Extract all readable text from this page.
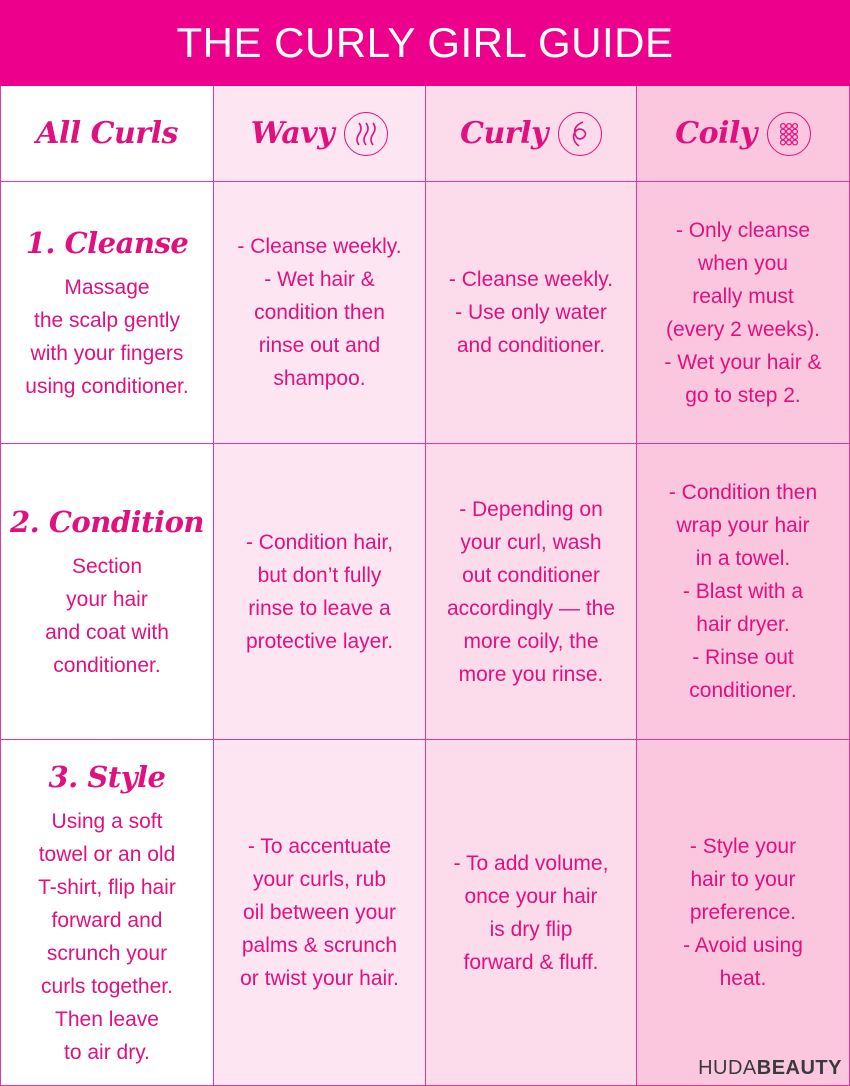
THE CURLY GIRL GUIDE
All Curls Wavy	Curly	Coily
1. Cleanse
Massage
the scalp gently
with your fingers
using conditioner.
- Cleanse weekly.
- Wet hair &
condition then
rinse out and
shampoo.
- Cleanse weekly.
- Use only water
and conditioner.
- Only cleanse
when you
really must
(every 2 weeks).
- Wet your hair &
go to step 2.
2. Condition
Section
your hair
and coat with
conditioner.
- Condition hair,
but don’t fully
rinse to leave a
protective layer.
- Depending on
your curl, wash
out conditioner
accordingly — the
more coily, the
more you rinse.
- Condition then
wrap your hair
in a towel.
- Blast with a
hair dryer.
- Rinse out
conditioner.
3. Style
Using a soft
towel or an old
T-shirt, flip hair
forward and
scrunch your
curls together.
Then leave
to air dry.
- To accentuate
your curls, rub
oil between your
palms & scrunch
or twist your hair.
- To add volume,
once your hair
is dry flip
forward & fluff.
- Style your
hair to your
preference.
- Avoid using
heat.
HUDABEAUTY
